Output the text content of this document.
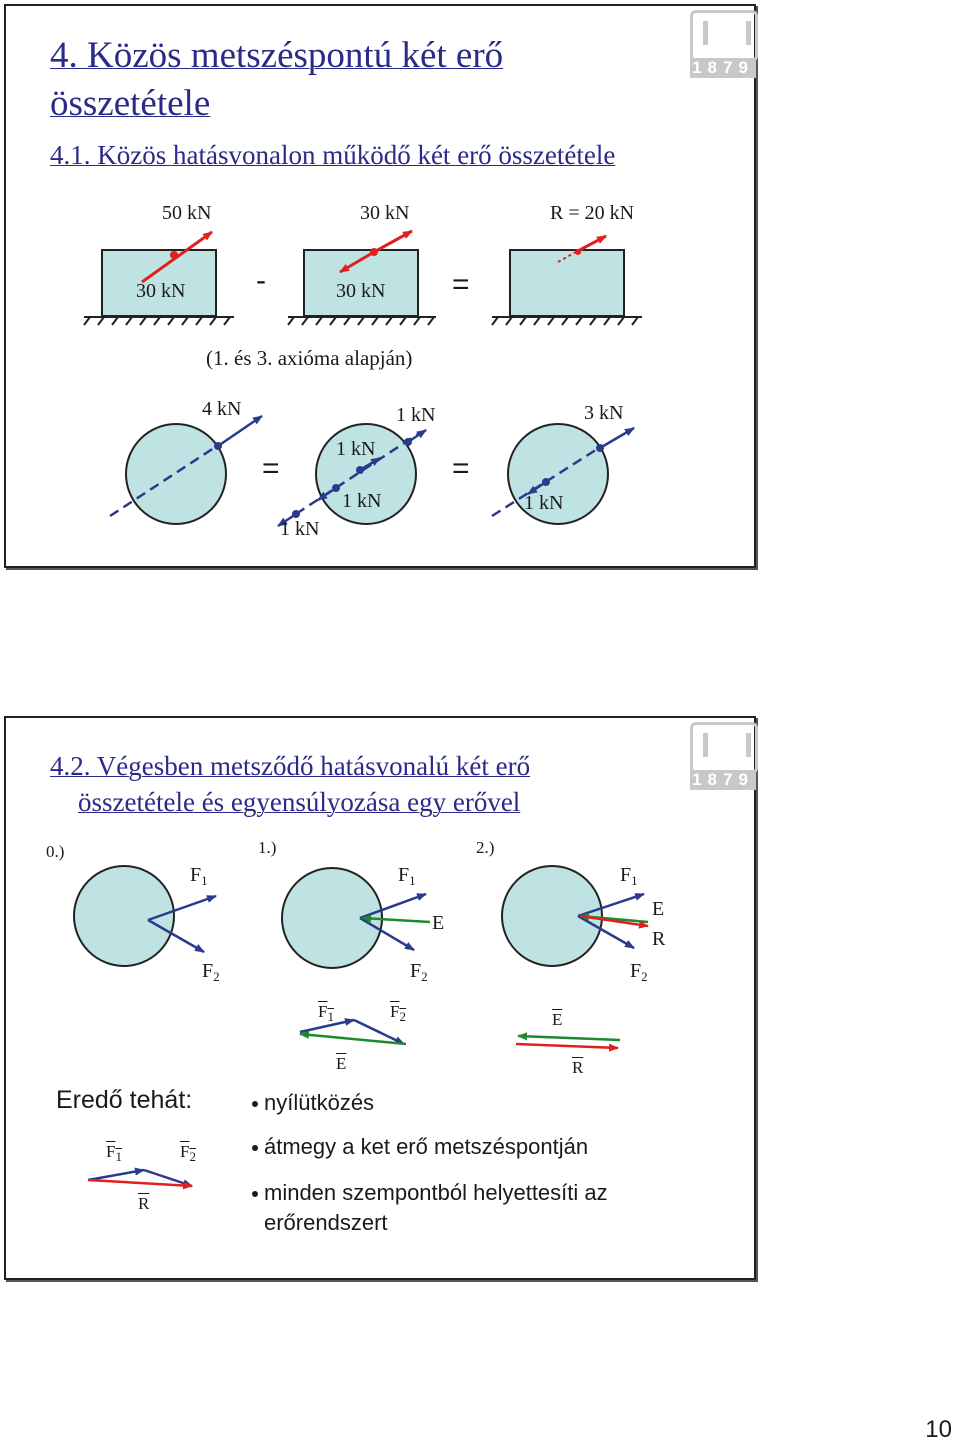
1879
4. Közös metszéspontú két erő összetétele
4.1. Közös hatásvonalon működő két erő összetétele
50 kN	30 kN	R = 20 kN
30 kN	30 kN
-	=
(1. és 3. axióma alapján)
4 kN	1 kN	3 kN
1 kN
1 kN
1 kN
1 kN
=	=
1879
4.2. Végesben metsződő hatásvonalú két erő
összetétele és egyensúlyozása egy erővel
0.)	1.)	2.)
$F_1$
$F_2$
$F_1$
E
$F_2$
$F_1$
E
R
$F_2$
$F_1$	$F_2$
$\overline{E}$
$\overline{E}$
$\overline{R}$
Eredő tehát:
$F_1$	$F_2$
$\overline{R}$
nyílütközés
átmegy a ket erő metszéspontján
minden szempontból helyettesíti az
erőrendszert
10
